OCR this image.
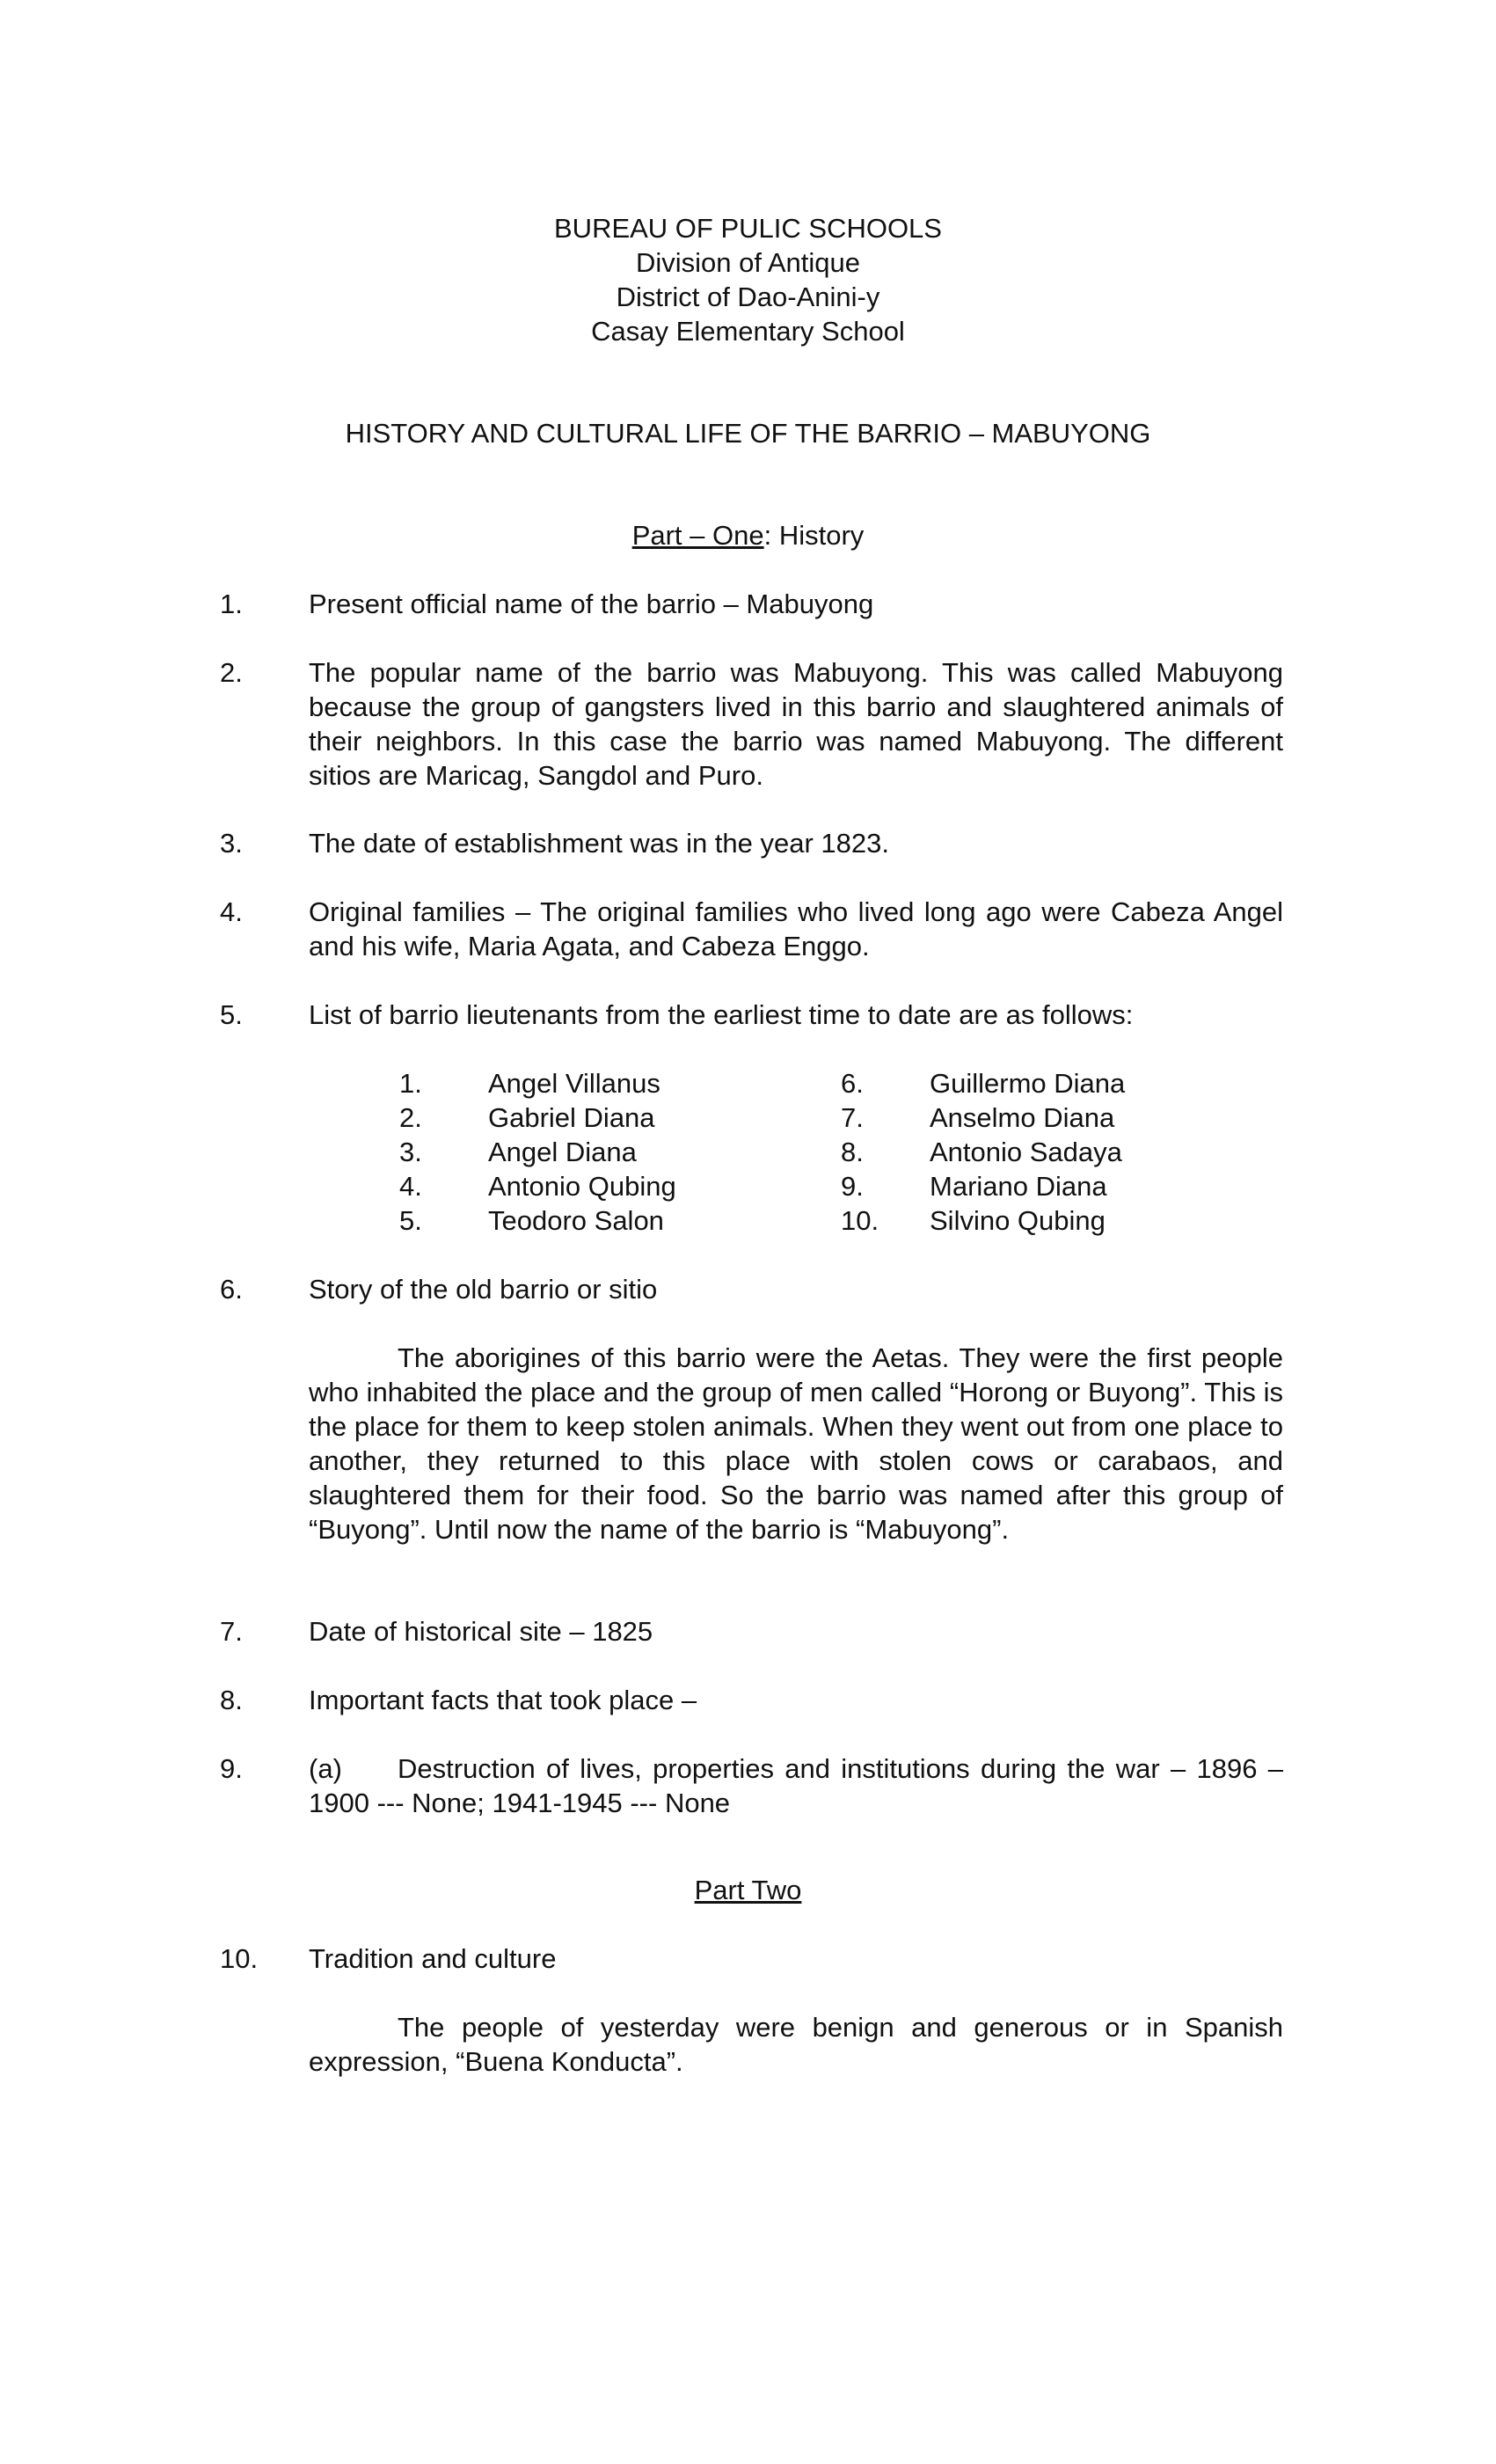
BUREAU OF PULIC SCHOOLS
Division of Antique
District of Dao-Anini-y
Casay Elementary School
HISTORY AND CULTURAL LIFE OF THE BARRIO – MABUYONG
Part – One: History
1. Present official name of the barrio – Mabuyong
2. The popular name of the barrio was Mabuyong. This was called Mabuyong because the group of gangsters lived in this barrio and slaughtered animals of their neighbors. In this case the barrio was named Mabuyong. The different sitios are Maricag, Sangdol and Puro.
3. The date of establishment was in the year 1823.
4. Original families – The original families who lived long ago were Cabeza Angel and his wife, Maria Agata, and Cabeza Enggo.
5. List of barrio lieutenants from the earliest time to date are as follows:
1. Angel Villanus
2. Gabriel Diana
3. Angel Diana
4. Antonio Qubing
5. Teodoro Salon
6. Guillermo Diana
7. Anselmo Diana
8. Antonio Sadaya
9. Mariano Diana
10. Silvino Qubing
6. Story of the old barrio or sitio
The aborigines of this barrio were the Aetas. They were the first people who inhabited the place and the group of men called “Horong or Buyong”. This is the place for them to keep stolen animals. When they went out from one place to another, they returned to this place with stolen cows or carabaos, and slaughtered them for their food. So the barrio was named after this group of “Buyong”. Until now the name of the barrio is “Mabuyong”.
7. Date of historical site – 1825
8. Important facts that took place –
9. (a) Destruction of lives, properties and institutions during the war – 1896 – 1900 --- None; 1941-1945 --- None
Part Two
10. Tradition and culture
The people of yesterday were benign and generous or in Spanish expression, “Buena Konducta”.
